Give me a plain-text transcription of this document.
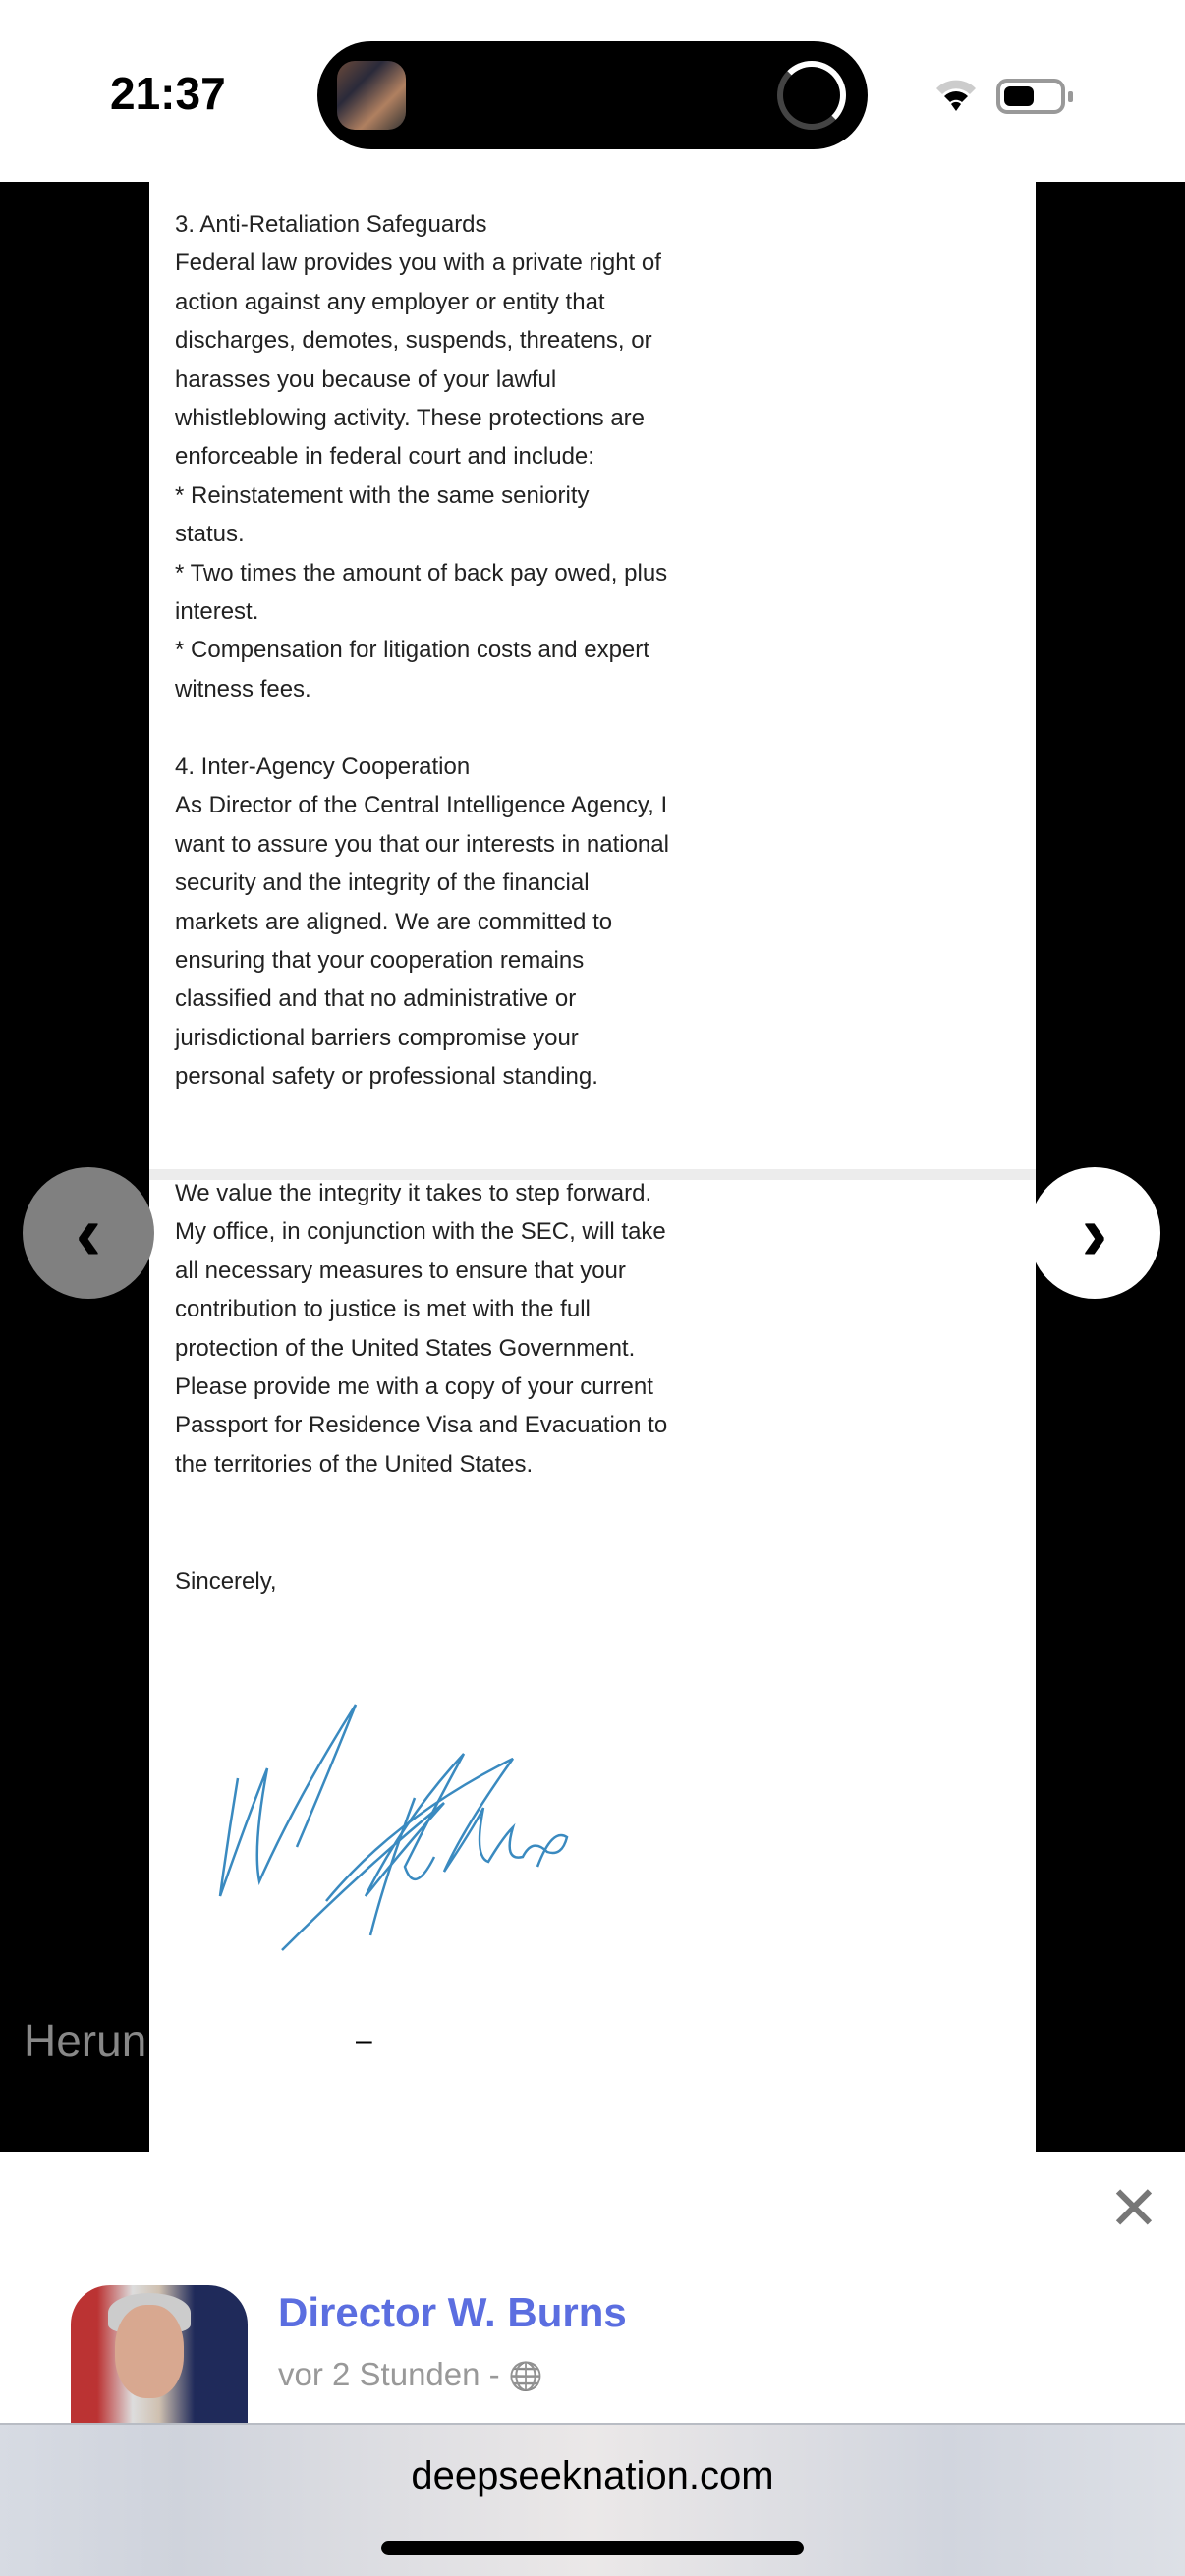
21:37
Herun
3. Anti-Retaliation Safeguards
Federal law provides you with a private right of
action against any employer or entity that
discharges, demotes, suspends, threatens, or
harasses you because of your lawful
whistleblowing activity. These protections are
enforceable in federal court and include:
* Reinstatement with the same seniority
status.
* Two times the amount of back pay owed, plus
interest.
* Compensation for litigation costs and expert
witness fees.
4. Inter-Agency Cooperation
As Director of the Central Intelligence Agency, I
want to assure you that our interests in national
security and the integrity of the financial
markets are aligned. We are committed to
ensuring that your cooperation remains
classified and that no administrative or
jurisdictional barriers compromise your
personal safety or professional standing.
We value the integrity it takes to step forward.
My office, in conjunction with the SEC, will take
all necessary measures to ensure that your
contribution to justice is met with the full
protection of the United States Government.
Please provide me with a copy of your current
Passport for Residence Visa and Evacuation to
the territories of the United States.
Sincerely,
–
‹	›
✕
Director W. Burns
vor 2 Stunden - 🌐
deepseeknation.com
